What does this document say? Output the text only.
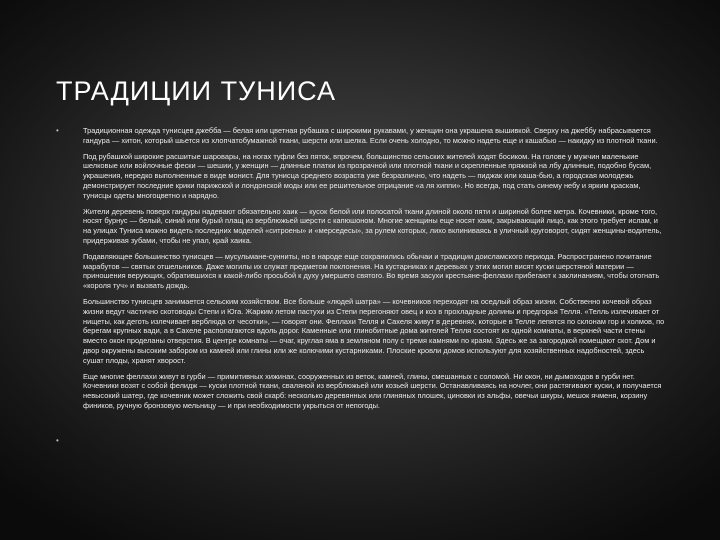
ТРАДИЦИИ ТУНИСА
•	Традиционная одежда тунисцев джебба — белая или цветная рубашка с широкими рукавами, у женщин она украшена вышивкой. Сверху на джеббу набрасывается гандура — хитон, который шьется из хлопчатобумажной ткани, шерсти или шелка. Если очень холодно, то можно надеть еще и кашабью — накидку из плотной ткани.

Под рубашкой широкие расшитые шаровары, на ногах туфли без пяток, впрочем, большинство сельских жителей ходят босиком. На голове у мужчин маленькие шелковые или войлочные фески — шешии, у женщин — длинные платки из прозрачной или плотной ткани и скрепленные пряжкой на лбу длинные, подобно бусам, украшения, нередко выполненные в виде монист. Для тунисца среднего возраста уже безразлично, что надеть — пиджак или каша-бью, а городская молодежь демонстрирует последние крики парижской и лондонской моды или ее решительное отрицание «а ля хиппи». Но всегда, под стать синему небу и ярким краскам, тунисцы одеты многоцветно и нарядно.

Жители деревень поверх гандуры надевают обязательно хаик — кусок белой или полосатой ткани длиной около пяти и шириной более метра. Кочевники, кроме того, носят бурнус — белый, синий или бурый плащ из верблюжьей шерсти с капюшоном. Многие женщины еще носят хаик, закрывающий лицо, как этого требует ислам, и на улицах Туниса можно видеть последних моделей «ситроены» и «мерседесы», за рулем которых, лихо вклиниваясь в уличный круговорот, сидят женщины-водитель, придерживая зубами, чтобы не упал, край хаика.

Подавляющее большинство тунисцев — мусульмане-сунниты, но в народе еще сохранились обычаи и традиции доисламского периода. Распространено почитание марабутов — святых отшельников. Даже могилы их служат предметом поклонения. На кустарниках и деревьях у этих могил висят куски шерстяной материи — приношения верующих, обратившихся к какой-либо просьбой к духу умершего святого. Во время засухи крестьяне-феллахи прибегают к заклинаниям, чтобы отогнать «короля туч» и вызвать дождь.

Большинство тунисцев занимается сельским хозяйством. Все больше «людей шатра» — кочевников переходят на оседлый образ жизни. Собственно кочевой образ жизни ведут частично скотоводы Степи и Юга. Жарким летом пастухи из Степи перегоняют овец и коз в прохладные долины и предгорья Телля. «Телль излечивает от нищеты, как деготь излечивает верблюда от чесотки», — говорят они. Феллахи Телля и Сахеля живут в деревнях, которые в Телле лепятся по склонам гор и холмов, по берегам крупных вади, а в Сахеле располагаются вдоль дорог. Каменные или глинобитные дома жителей Телля состоят из одной комнаты, в верхней части стены вместо окон проделаны отверстия. В центре комнаты — очаг, круглая яма в земляном полу с тремя камнями по краям. Здесь же за загородкой помещают скот. Дом и двор окружены высоким забором из камней или глины или же колючими кустарниками. Плоские кровли домов используют для хозяйственных надобностей, здесь сушат плоды, хранят хворост.

Еще многие феллахи живут в гурби — примитивных хижинах, сооруженных из веток, камней, глины, смешанных с соломой. Ни окон, ни дымоходов в гурби нет. Кочевники возят с собой фелидж — куски плотной ткани, сваляной из верблюжьей или козьей шерсти. Останавливаясь на ночлег, они растягивают куски, и получается невысокий шатер, где кочевник может сложить свой скарб: несколько деревянных или глиняных плошек, циновки из альфы, овечьи шкуры, мешок ячменя, корзину фиников, ручную бронзовую мельницу — и при необходимости укрыться от непогоды.

•
